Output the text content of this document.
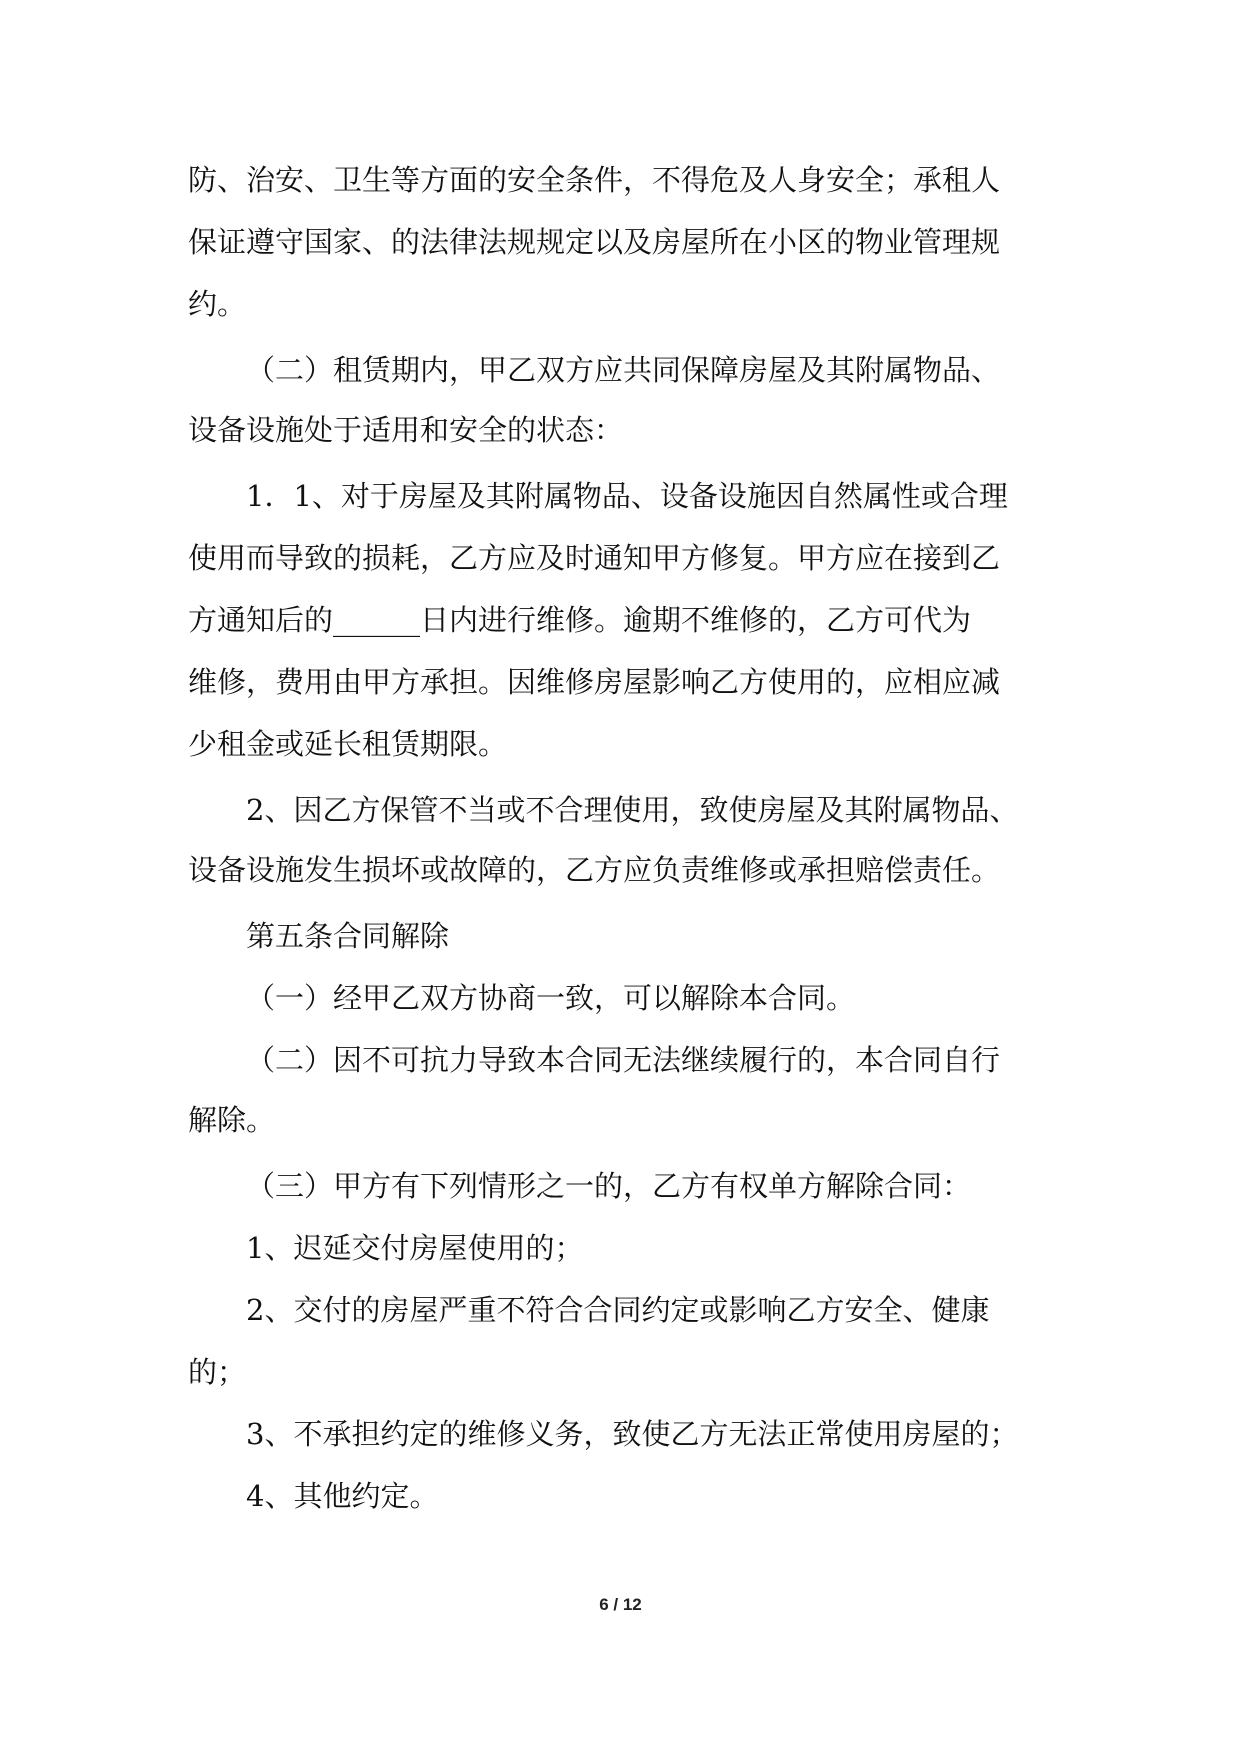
防、治安、卫生等方面的安全条件，不得危及人身安全；承租人
保证遵守国家、的法律法规规定以及房屋所在小区的物业管理规
约。
（二）租赁期内，甲乙双方应共同保障房屋及其附属物品、
设备设施处于适用和安全的状态：
1．1、对于房屋及其附属物品、设备设施因自然属性或合理
使用而导致的损耗，乙方应及时通知甲方修复。甲方应在接到乙
方通知后的______日内进行维修。逾期不维修的，乙方可代为
维修，费用由甲方承担。因维修房屋影响乙方使用的，应相应减
少租金或延长租赁期限。
2、因乙方保管不当或不合理使用，致使房屋及其附属物品、
设备设施发生损坏或故障的，乙方应负责维修或承担赔偿责任。
第五条合同解除
（一）经甲乙双方协商一致，可以解除本合同。
（二）因不可抗力导致本合同无法继续履行的，本合同自行
解除。
（三）甲方有下列情形之一的，乙方有权单方解除合同：
1、迟延交付房屋使用的；
2、交付的房屋严重不符合合同约定或影响乙方安全、健康
的；
3、不承担约定的维修义务，致使乙方无法正常使用房屋的；
4、其他约定。
6 / 12
